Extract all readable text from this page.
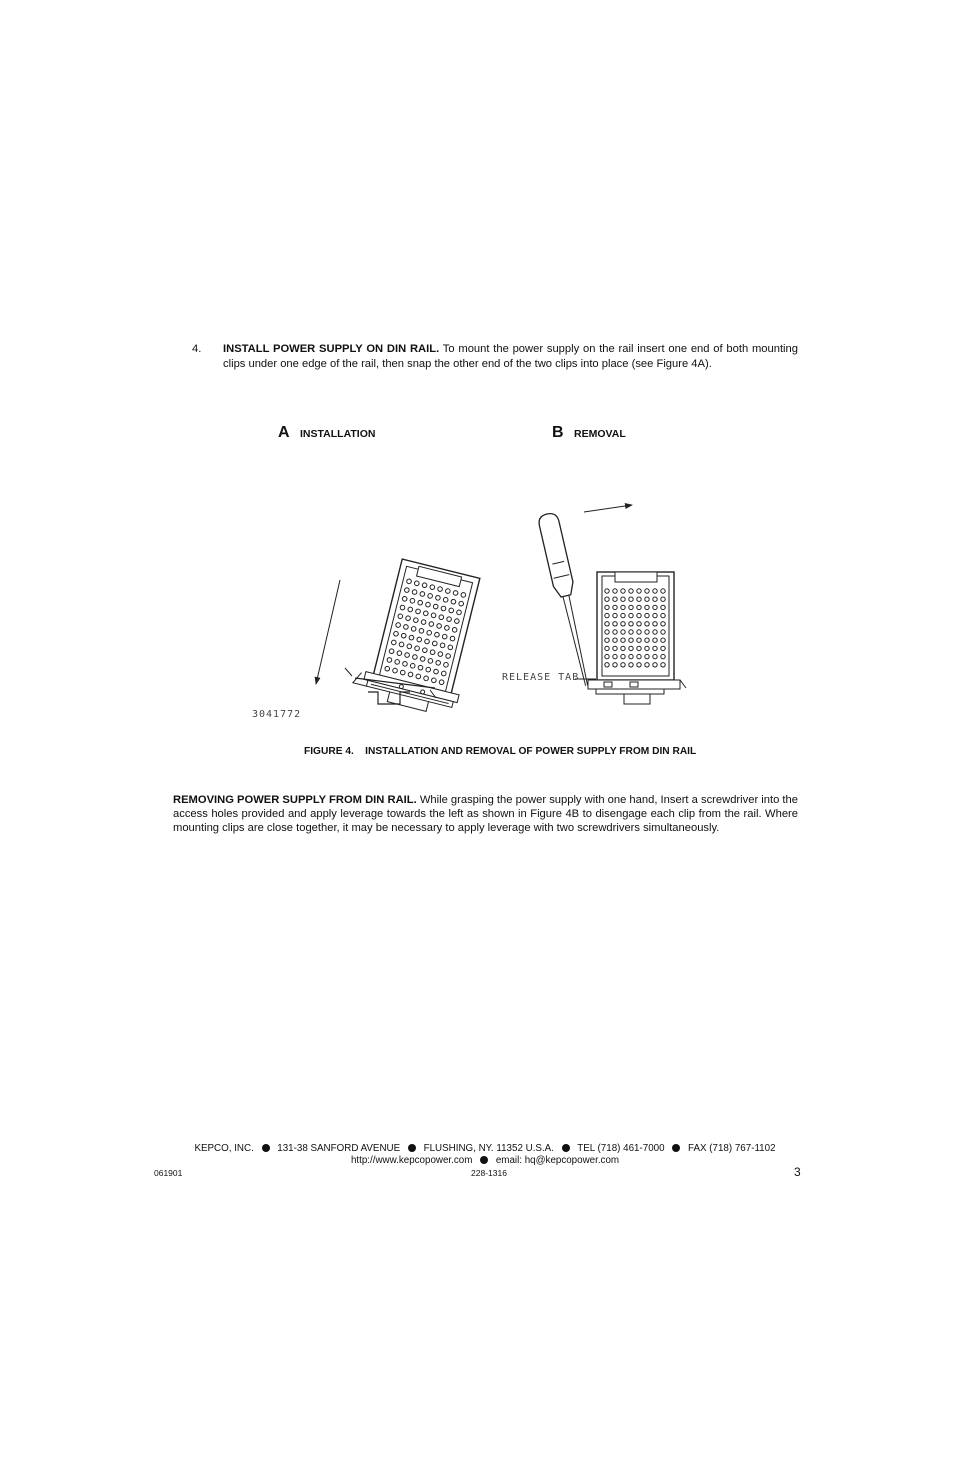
4. INSTALL POWER SUPPLY ON DIN RAIL. To mount the power supply on the rail insert one end of both mounting clips under one edge of the rail, then snap the other end of the two clips into place (see Figure 4A).
A INSTALLATION	B REMOVAL
3041772
RELEASE TAB
FIGURE 4.    INSTALLATION AND REMOVAL OF POWER SUPPLY FROM DIN RAIL
REMOVING POWER SUPPLY FROM DIN RAIL. While grasping the power supply with one hand, Insert a screwdriver into the access holes provided and apply leverage towards the left as shown in Figure 4B to disengage each clip from the rail. Where mounting clips are close together, it may be necessary to apply leverage with two screwdrivers simultaneously.
KEPCO, INC. 131-38 SANFORD AVENUE FLUSHING, NY. 11352 U.S.A. TEL (718) 461-7000 FAX (718) 767-1102
http://www.kepcopower.com email: hq@kepcopower.com
228-1316
061901	3
